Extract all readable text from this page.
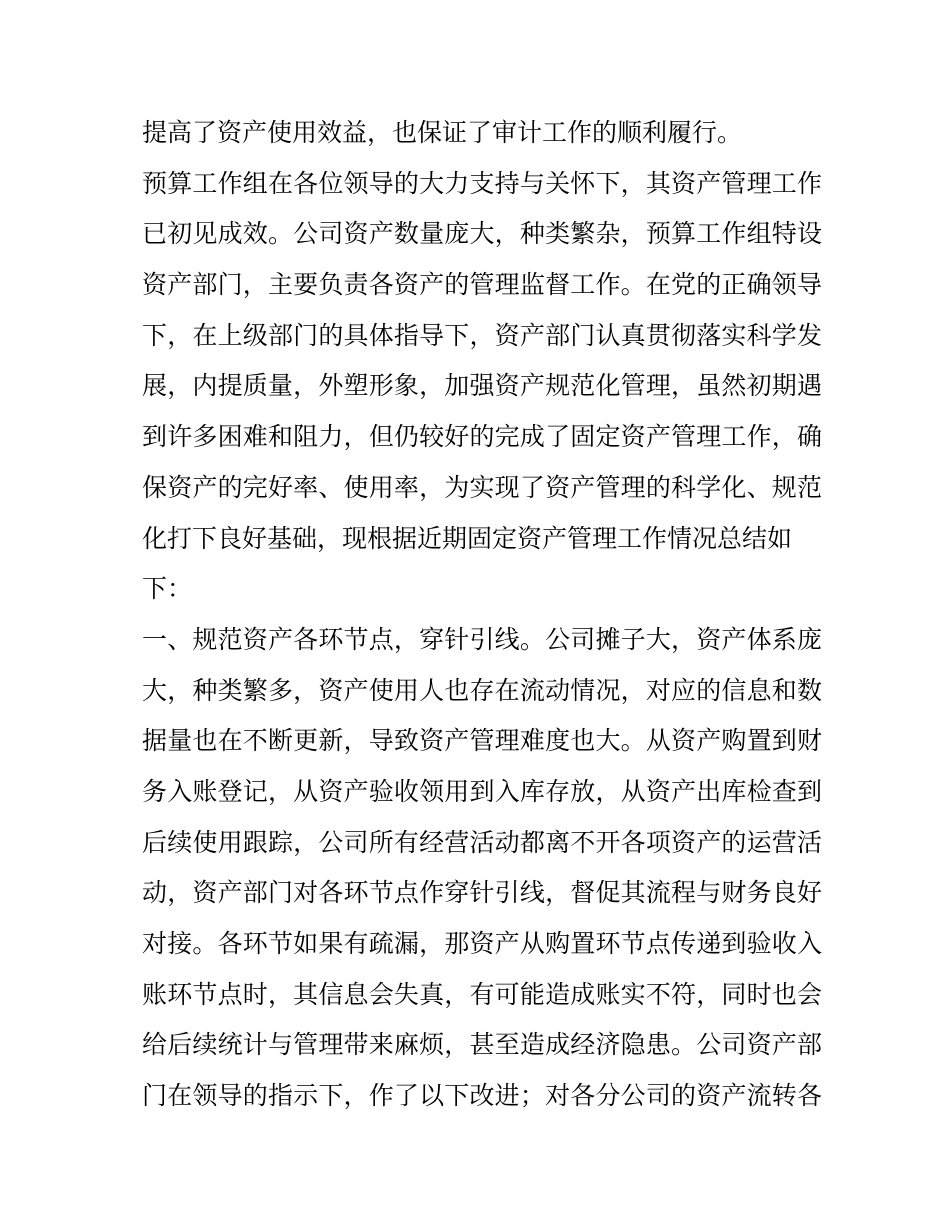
提高了资产使用效益，也保证了审计工作的顺利履行。
预算工作组在各位领导的大力支持与关怀下，其资产管理工作
已初见成效。公司资产数量庞大，种类繁杂，预算工作组特设
资产部门，主要负责各资产的管理监督工作。在党的正确领导
下，在上级部门的具体指导下，资产部门认真贯彻落实科学发
展，内提质量，外塑形象，加强资产规范化管理，虽然初期遇
到许多困难和阻力，但仍较好的完成了固定资产管理工作，确
保资产的完好率、使用率，为实现了资产管理的科学化、规范
化打下良好基础，现根据近期固定资产管理工作情况总结如
下：
一、规范资产各环节点，穿针引线。公司摊子大，资产体系庞
大，种类繁多，资产使用人也存在流动情况，对应的信息和数
据量也在不断更新，导致资产管理难度也大。从资产购置到财
务入账登记，从资产验收领用到入库存放，从资产出库检查到
后续使用跟踪，公司所有经营活动都离不开各项资产的运营活
动，资产部门对各环节点作穿针引线，督促其流程与财务良好
对接。各环节如果有疏漏，那资产从购置环节点传递到验收入
账环节点时，其信息会失真，有可能造成账实不符，同时也会
给后续统计与管理带来麻烦，甚至造成经济隐患。公司资产部
门在领导的指示下，作了以下改进；对各分公司的资产流转各
